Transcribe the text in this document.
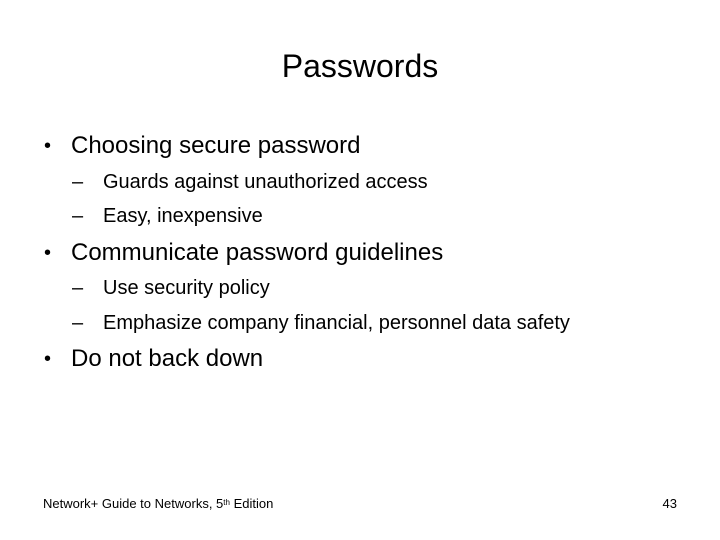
Passwords
• Choosing secure password
– Guards against unauthorized access
– Easy, inexpensive
• Communicate password guidelines
– Use security policy
– Emphasize company financial, personnel data safety
• Do not back down
Network+ Guide to Networks, 5th Edition	43
